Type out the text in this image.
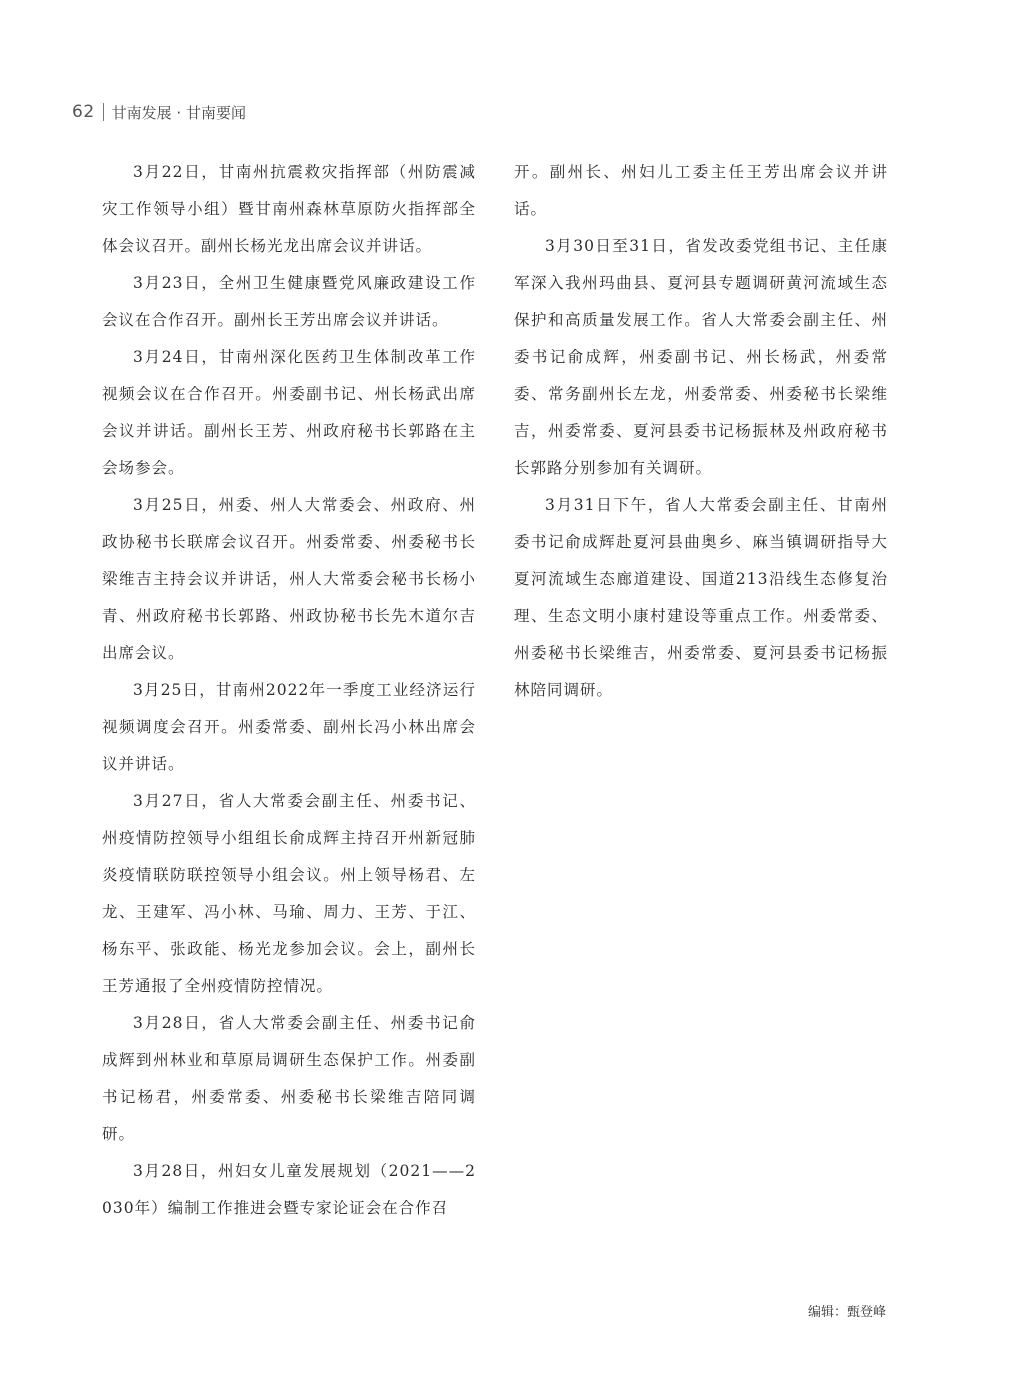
62 甘南发展 · 甘南要闻

3月22日，甘南州抗震救灾指挥部（州防震减灾工作领导小组）暨甘南州森林草原防火指挥部全体会议召开。副州长杨光龙出席会议并讲话。

3月23日，全州卫生健康暨党风廉政建设工作会议在合作召开。副州长王芳出席会议并讲话。

3月24日，甘南州深化医药卫生体制改革工作视频会议在合作召开。州委副书记、州长杨武出席会议并讲话。副州长王芳、州政府秘书长郭路在主会场参会。

3月25日，州委、州人大常委会、州政府、州政协秘书长联席会议召开。州委常委、州委秘书长梁维吉主持会议并讲话，州人大常委会秘书长杨小青、州政府秘书长郭路、州政协秘书长先木道尔吉出席会议。

3月25日，甘南州2022年一季度工业经济运行视频调度会召开。州委常委、副州长冯小林出席会议并讲话。

3月27日，省人大常委会副主任、州委书记、州疫情防控领导小组组长俞成辉主持召开州新冠肺炎疫情联防联控领导小组会议。州上领导杨君、左龙、王建军、冯小林、马瑜、周力、王芳、于江、杨东平、张政能、杨光龙参加会议。会上，副州长王芳通报了全州疫情防控情况。

3月28日，省人大常委会副主任、州委书记俞成辉到州林业和草原局调研生态保护工作。州委副书记杨君，州委常委、州委秘书长梁维吉陪同调研。

3月28日，州妇女儿童发展规划（2021——2030年）编制工作推进会暨专家论证会在合作召

开。副州长、州妇儿工委主任王芳出席会议并讲话。

3月30日至31日，省发改委党组书记、主任康军深入我州玛曲县、夏河县专题调研黄河流域生态保护和高质量发展工作。省人大常委会副主任、州委书记俞成辉，州委副书记、州长杨武，州委常委、常务副州长左龙，州委常委、州委秘书长梁维吉，州委常委、夏河县委书记杨振林及州政府秘书长郭路分别参加有关调研。

3月31日下午，省人大常委会副主任、甘南州委书记俞成辉赴夏河县曲奥乡、麻当镇调研指导大夏河流域生态廊道建设、国道213沿线生态修复治理、生态文明小康村建设等重点工作。州委常委、州委秘书长梁维吉，州委常委、夏河县委书记杨振林陪同调研。

编辑：甄登峰
